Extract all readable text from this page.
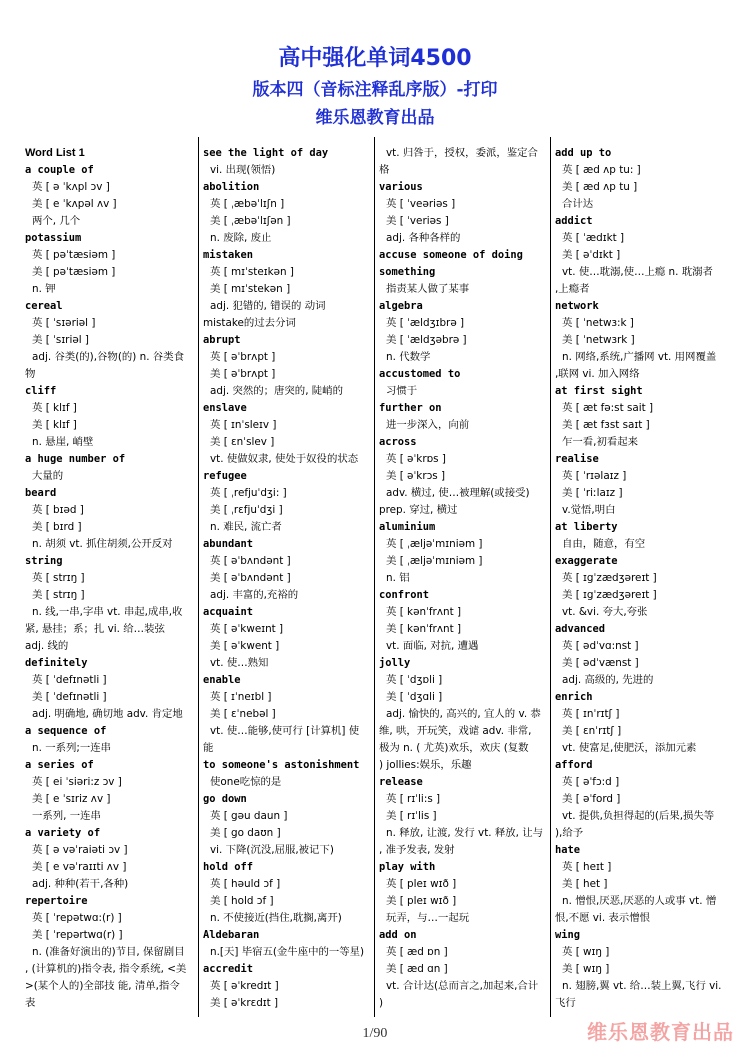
高中强化单词4500
版本四（音标注释乱序版）-打印
维乐恩教育出品
Word List 1
a couple of
英 [ ə ˈkʌpl ɔv ]
美 [ e ˈkʌpəl ʌv ]
两个, 几个
potassium
英 [ pəˈtæsiəm ]
美 [ pəˈtæsiəm ]
n. 钾
cereal
英 [ ˈsɪəriəl ]
美 [ ˈsɪriəl ]
adj. 谷类(的),谷物(的) n. 谷类食
物
cliff
英 [ klɪf ]
美 [ klɪf ]
n. 悬崖, 峭壁
a huge number of
大量的
beard
英 [ bɪəd ]
美 [ bɪrd ]
n. 胡须 vt. 抓住胡须,公开反对
string
英 [ strɪŋ ]
美 [ strɪŋ ]
n. 线,一串,字串 vt. 串起,成串,收
紧, 悬挂；系；扎 vi. 给…装弦
adj. 线的
definitely
英 [ ˈdefɪnətli ]
美 [ ˈdefɪnətli ]
adj. 明确地, 确切地 adv. 肯定地
a sequence of
n. 一系列;一连串
a series of
英 [ ei ˈsiəri:z ɔv ]
美 [ e ˈsɪriz ʌv ]
一系列, 一连串
a variety of
英 [ ə vəˈraiəti ɔv ]
美 [ e vəˈraɪɪti ʌv ]
adj. 种种(若干,各种)
repertoire
英 [ ˈrepətwɑ:(r) ]
美 [ ˈrepərtwɑ(r) ]
n. (准备好演出的)节目, 保留剧目
, (计算机的)指令表, 指令系统, <美
>(某个人的)全部技 能, 清单,指令
表
see the light of day
vi. 出现(领悟)
abolition
英 [ ˌæbəˈlɪʃn ]
美 [ ˌæbəˈlɪʃən ]
n. 废除, 废止
mistaken
英 [ mɪˈsteɪkən ]
美 [ mɪˈstekən ]
adj. 犯错的, 错误的 动词
mistake的过去分词
abrupt
英 [ əˈbrʌpt ]
美 [ əˈbrʌpt ]
adj. 突然的；唐突的, 陡峭的
enslave
英 [ ɪnˈsleɪv ]
美 [ ɛnˈslev ]
vt. 使做奴隶, 使处于奴役的状态
refugee
英 [ ˌrefjuˈdʒi: ]
美 [ ˌrɛfjuˈdʒi ]
n. 难民, 流亡者
abundant
英 [ əˈbʌndənt ]
美 [ əˈbʌndənt ]
adj. 丰富的,充裕的
acquaint
英 [ əˈkweɪnt ]
美 [ əˈkwent ]
vt. 使…熟知
enable
英 [ ɪˈneɪbl ]
美 [ ɛˈnebəl ]
vt. 使…能够,使可行 [计算机] 使
能
to someone's astonishment
使one吃惊的是
go down
英 [ gəu daun ]
美 [ go daʊn ]
vi. 下降(沉没,屈服,被记下)
hold off
英 [ həuld ɔf ]
美 [ hold ɔf ]
n. 不使接近(挡住,耽搁,离开)
Aldebaran
n.[天] 毕宿五(金牛座中的一等星)
accredit
英 [ əˈkredɪt ]
美 [ əˈkrɛdɪt ]
vt. 归咎于，授权，委派，鉴定合
格
various
英 [ ˈveəriəs ]
美 [ ˈveriəs ]
adj. 各种各样的
accuse someone of doing
something
指责某人做了某事
algebra
英 [ ˈældʒɪbrə ]
美 [ ˈældʒəbrə ]
n. 代数学
accustomed to
习惯于
further on
进一步深入，向前
across
英 [ əˈkrɒs ]
美 [ əˈkrɔs ]
adv. 横过, 使…被理解(或接受)
prep. 穿过, 横过
aluminium
英 [ ˌæljəˈmɪniəm ]
美 [ ˌæljəˈmɪniəm ]
n. 铝
confront
英 [ kənˈfrʌnt ]
美 [ kənˈfrʌnt ]
vt. 面临, 对抗, 遭遇
jolly
英 [ ˈdʒɒli ]
美 [ ˈdʒɑli ]
adj. 愉快的, 高兴的, 宜人的 v. 恭
维, 哄，开玩笑，戏谑 adv. 非常,
极为 n. ( 尤英)欢乐，欢庆 (复数
) jollies:娱乐，乐趣
release
英 [ rɪˈli:s ]
美 [ rɪˈlis ]
n. 释放, 让渡, 发行 vt. 释放, 让与
, 准予发表, 发射
play with
英 [ pleɪ wɪð ]
美 [ pleɪ wɪð ]
玩弄，与…一起玩
add on
英 [ æd ɒn ]
美 [ æd ɑn ]
vt. 合计达(总而言之,加起来,合计
)
add up to
英 [ æd ʌp tu: ]
美 [ æd ʌp tu ]
合计达
addict
英 [ ˈædɪkt ]
美 [ əˈdɪkt ]
vt. 使…耽溺,使…上瘾 n. 耽溺者
,上瘾者
network
英 [ ˈnetwɜ:k ]
美 [ ˈnetwɜrk ]
n. 网络,系统,广播网 vt. 用网覆盖
,联网 vi. 加入网络
at first sight
英 [ æt fə:st sait ]
美 [ æt fɜst saɪt ]
乍一看,初看起来
realise
英 [ ˈrɪəlaɪz ]
美 [ ˈriːlaɪz ]
v.觉悟,明白
at liberty
自由，随意，有空
exaggerate
英 [ ɪgˈzædʒəreɪt ]
美 [ ɪgˈzædʒəreɪt ]
vt. &vi. 夸大,夸张
advanced
英 [ ədˈvɑ:nst ]
美 [ ədˈvænst ]
adj. 高级的, 先进的
enrich
英 [ ɪnˈrɪtʃ ]
美 [ ɛnˈrɪtʃ ]
vt. 使富足,使肥沃，添加元素
afford
英 [ əˈfɔ:d ]
美 [ əˈford ]
vt. 提供,负担得起的(后果,损失等
),给予
hate
英 [ heɪt ]
美 [ het ]
n. 憎恨,厌恶,厌恶的人或事 vt. 憎
恨,不愿 vi. 表示憎恨
wing
英 [ wɪŋ ]
美 [ wɪŋ ]
n. 翅膀,翼 vt. 给…装上翼,飞行 vi.
飞行
1/90	维乐恩教育出品
